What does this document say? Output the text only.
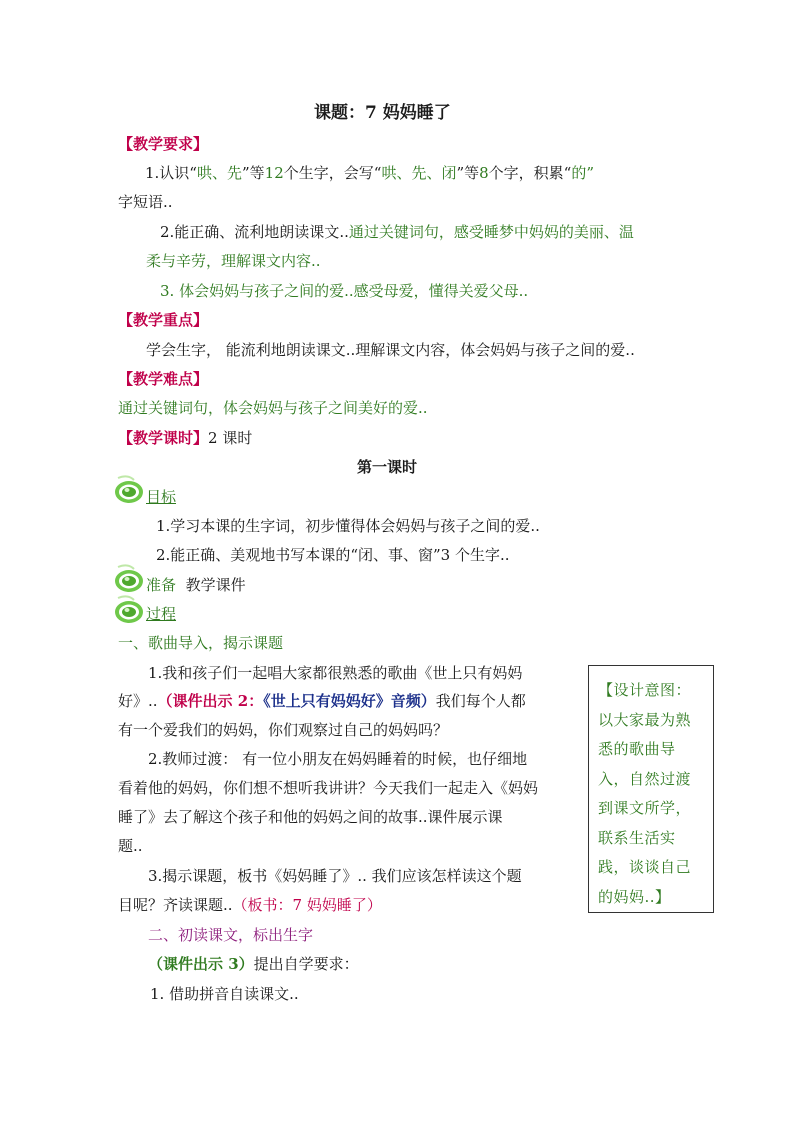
课题：7 妈妈睡了
【教学要求】
1.认识“哄、先”等12个生字，会写“哄、先、闭”等8个字，积累“的”
字短语..
2.能正确、流利地朗读课文..通过关键词句，感受睡梦中妈妈的美丽、温
柔与辛劳，理解课文内容..
3. 体会妈妈与孩子之间的爱..感受母爱，懂得关爱父母..
【教学重点】
学会生字， 能流利地朗读课文..理解课文内容，体会妈妈与孩子之间的爱..
【教学难点】
通过关键词句，体会妈妈与孩子之间美好的爱..
【教学课时】2 课时
第一课时
目标
1.学习本课的生字词，初步懂得体会妈妈与孩子之间的爱..
2.能正确、美观地书写本课的“闭、事、窗”3 个生字..
准备 教学课件
过程
一、歌曲导入，揭示课题
1.我和孩子们一起唱大家都很熟悉的歌曲《世上只有妈妈
好》..（课件出示 2：《世上只有妈妈好》音频）我们每个人都
有一个爱我们的妈妈，你们观察过自己的妈妈吗？
2.教师过渡： 有一位小朋友在妈妈睡着的时候，也仔细地
看着他的妈妈，你们想不想听我讲讲？今天我们一起走入《妈妈
睡了》去了解这个孩子和他的妈妈之间的故事..课件展示课
题..
3.揭示课题，板书《妈妈睡了》.. 我们应该怎样读这个题
目呢？齐读课题..（板书：7 妈妈睡了）
【设计意图：以大家最为熟悉的歌曲导入，自然过渡到课文所学，联系生活实践，谈谈自己的妈妈..】
二、初读课文，标出生字
（课件出示 3）提出自学要求：
1. 借助拼音自读课文..
